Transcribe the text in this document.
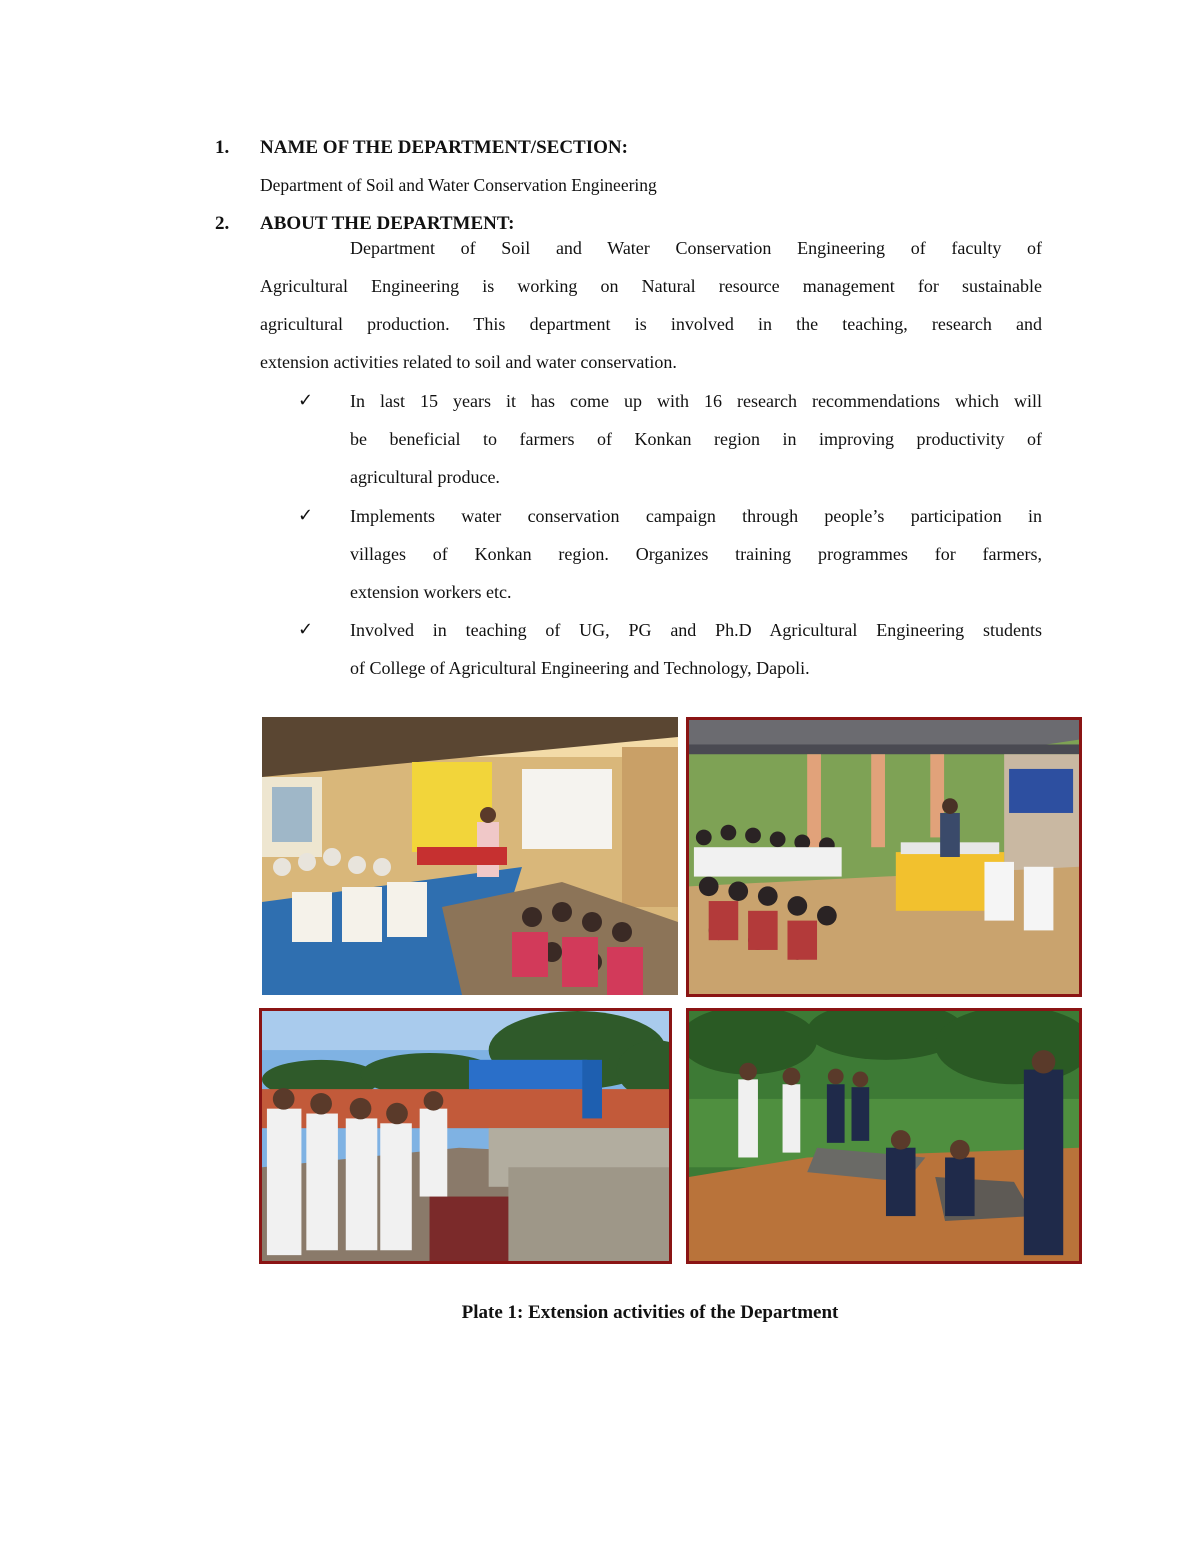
1. NAME OF THE DEPARTMENT/SECTION:
Department of Soil and Water Conservation Engineering
2. ABOUT THE DEPARTMENT:
Department of Soil and Water Conservation Engineering of faculty of
Agricultural Engineering is working on Natural resource management for sustainable
agricultural production. This department is involved in the teaching, research and
extension activities related to soil and water conservation.
✓ In last 15 years it has come up with 16 research recommendations which will
be beneficial to farmers of Konkan region in improving productivity of
agricultural produce.
✓ Implements water conservation campaign through people’s participation in
villages of Konkan region. Organizes training programmes for farmers,
extension workers etc.
✓ Involved in teaching of UG, PG and Ph.D Agricultural Engineering students
of College of Agricultural Engineering and Technology, Dapoli.
Plate 1: Extension activities of the Department
